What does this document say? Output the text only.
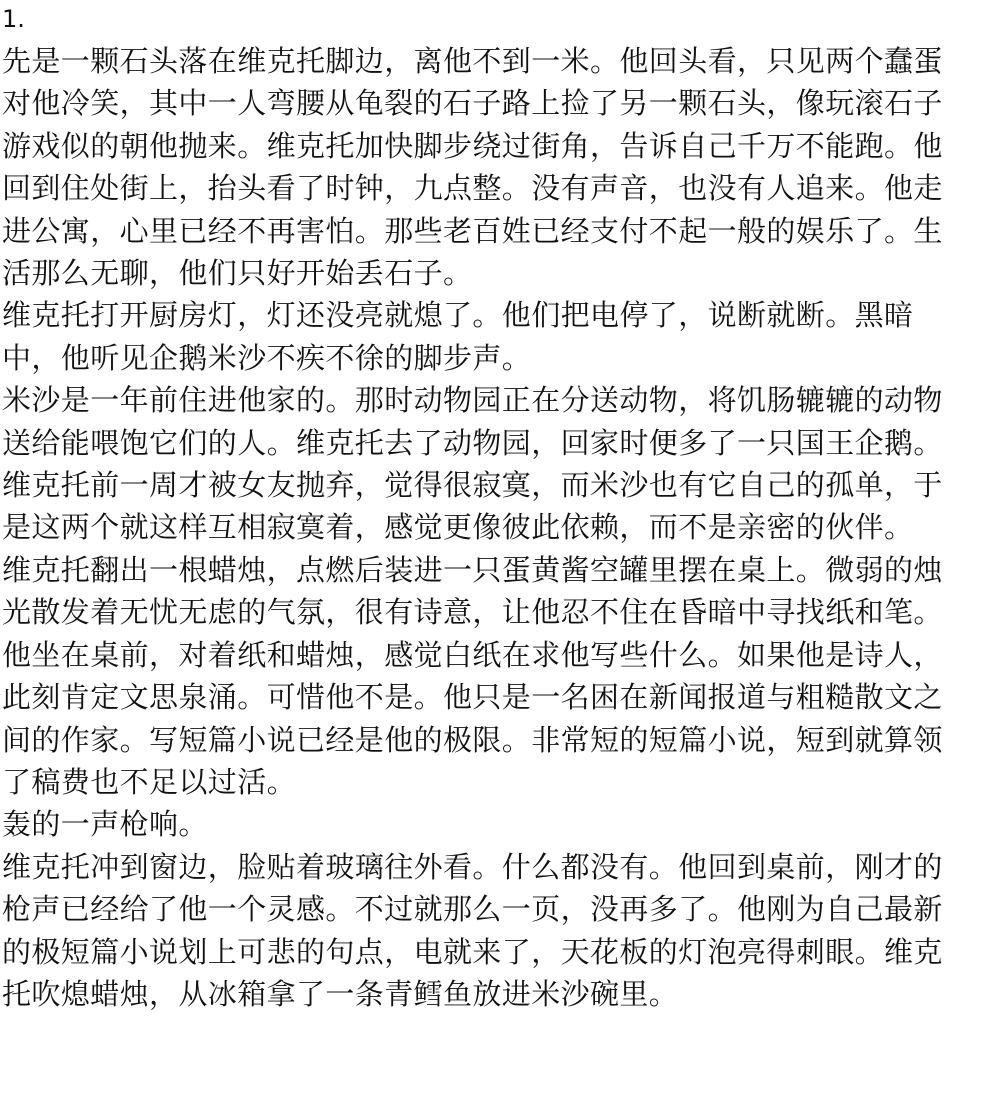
1.

先是一颗石头落在维克托脚边，离他不到一米。他回头看，只见两个蠢蛋对他冷笑，其中一人弯腰从龟裂的石子路上捡了另一颗石头，像玩滚石子游戏似的朝他抛来。维克托加快脚步绕过街角，告诉自己千万不能跑。他回到住处街上，抬头看了时钟，九点整。没有声音，也没有人追来。他走进公寓，心里已经不再害怕。那些老百姓已经支付不起一般的娱乐了。生活那么无聊，他们只好开始丢石子。

维克托打开厨房灯，灯还没亮就熄了。他们把电停了，说断就断。黑暗中，他听见企鹅米沙不疾不徐的脚步声。

米沙是一年前住进他家的。那时动物园正在分送动物，将饥肠辘辘的动物送给能喂饱它们的人。维克托去了动物园，回家时便多了一只国王企鹅。维克托前一周才被女友抛弃，觉得很寂寞，而米沙也有它自己的孤单，于是这两个就这样互相寂寞着，感觉更像彼此依赖，而不是亲密的伙伴。

维克托翻出一根蜡烛，点燃后装进一只蛋黄酱空罐里摆在桌上。微弱的烛光散发着无忧无虑的气氛，很有诗意，让他忍不住在昏暗中寻找纸和笔。他坐在桌前，对着纸和蜡烛，感觉白纸在求他写些什么。如果他是诗人，此刻肯定文思泉涌。可惜他不是。他只是一名困在新闻报道与粗糙散文之间的作家。写短篇小说已经是他的极限。非常短的短篇小说，短到就算领了稿费也不足以过活。

轰的一声枪响。

维克托冲到窗边，脸贴着玻璃往外看。什么都没有。他回到桌前，刚才的枪声已经给了他一个灵感。不过就那么一页，没再多了。他刚为自己最新的极短篇小说划上可悲的句点，电就来了，天花板的灯泡亮得刺眼。维克托吹熄蜡烛，从冰箱拿了一条青鳕鱼放进米沙碗里。
